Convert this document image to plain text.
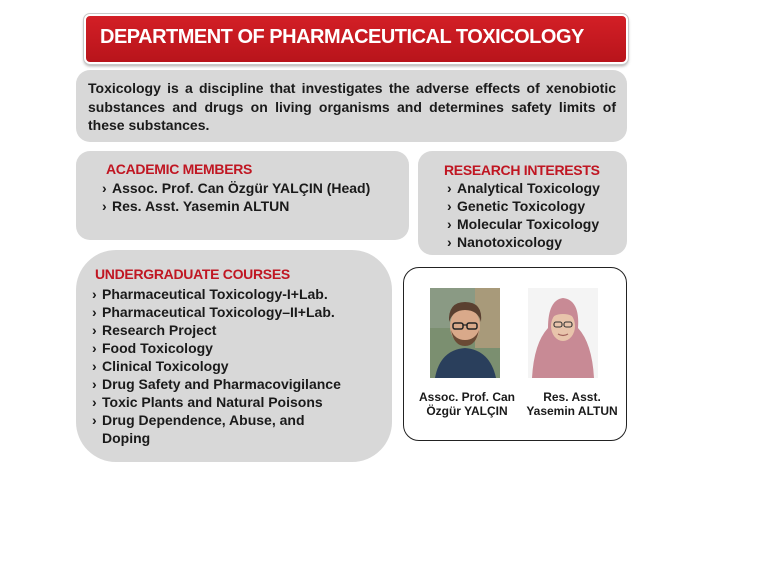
DEPARTMENT OF PHARMACEUTICAL TOXICOLOGY

Toxicology is a discipline that investigates the adverse effects of xenobiotic substances and drugs on living organisms and determines safety limits of these substances.

ACADEMIC MEMBERS
› Assoc. Prof. Can Özgür YALÇIN (Head)
› Res. Asst. Yasemin ALTUN
RESEARCH INTERESTS
› Analytical Toxicology
› Genetic Toxicology
› Molecular Toxicology
› Nanotoxicology
UNDERGRADUATE COURSES
› Pharmaceutical Toxicology-I+Lab.
› Pharmaceutical Toxicology–II+Lab.
› Research Project
› Food Toxicology
› Clinical Toxicology
› Drug Safety and Pharmacovigilance
› Toxic Plants and Natural Poisons
› Drug Dependence, Abuse, and
Doping
Assoc. Prof. Can
Özgür YALÇIN
Res. Asst.
Yasemin ALTUN
